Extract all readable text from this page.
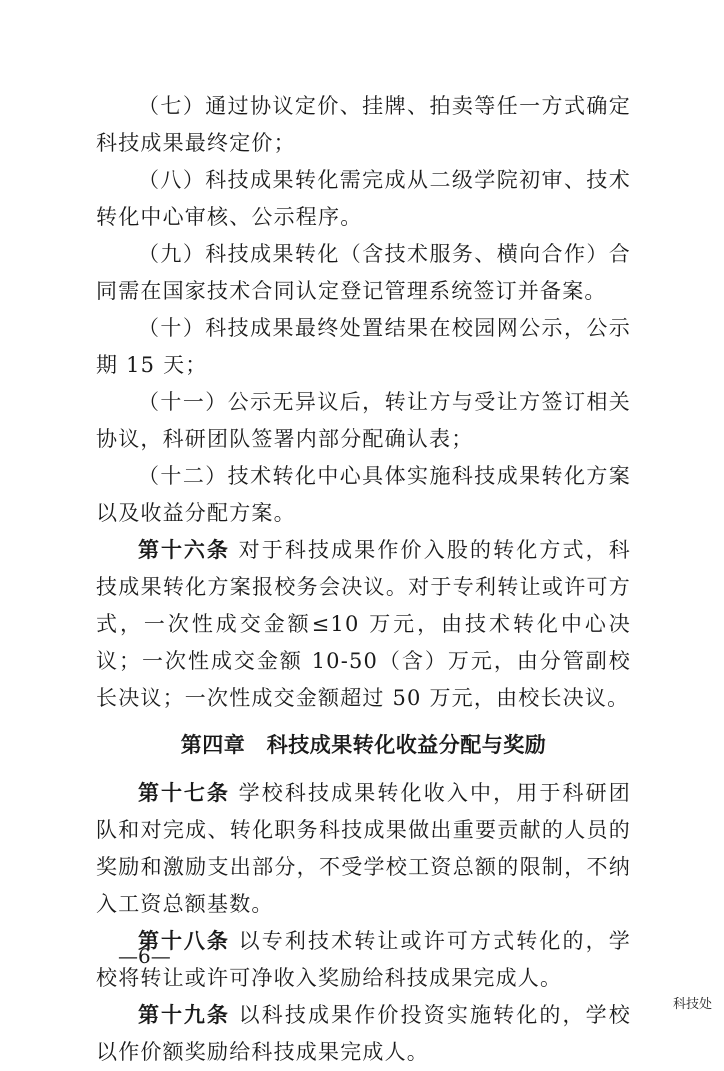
（七）通过协议定价、挂牌、拍卖等任一方式确定科技成果最终定价；

（八）科技成果转化需完成从二级学院初审、技术转化中心审核、公示程序。

（九）科技成果转化（含技术服务、横向合作）合同需在国家技术合同认定登记管理系统签订并备案。

（十）科技成果最终处置结果在校园网公示，公示期 15 天；

（十一）公示无异议后，转让方与受让方签订相关协议，科研团队签署内部分配确认表；

（十二）技术转化中心具体实施科技成果转化方案以及收益分配方案。

第十六条 对于科技成果作价入股的转化方式，科技成果转化方案报校务会决议。对于专利转让或许可方式，一次性成交金额≤10 万元，由技术转化中心决议；一次性成交金额 10-50（含）万元，由分管副校长决议；一次性成交金额超过 50 万元，由校长决议。

第四章　科技成果转化收益分配与奖励

第十七条 学校科技成果转化收入中，用于科研团队和对完成、转化职务科技成果做出重要贡献的人员的奖励和激励支出部分，不受学校工资总额的限制，不纳入工资总额基数。

第十八条 以专利技术转让或许可方式转化的，学校将转让或许可净收入奖励给科技成果完成人。

第十九条 以科技成果作价投资实施转化的，学校以作价额奖励给科技成果完成人。

—6—
科技处
